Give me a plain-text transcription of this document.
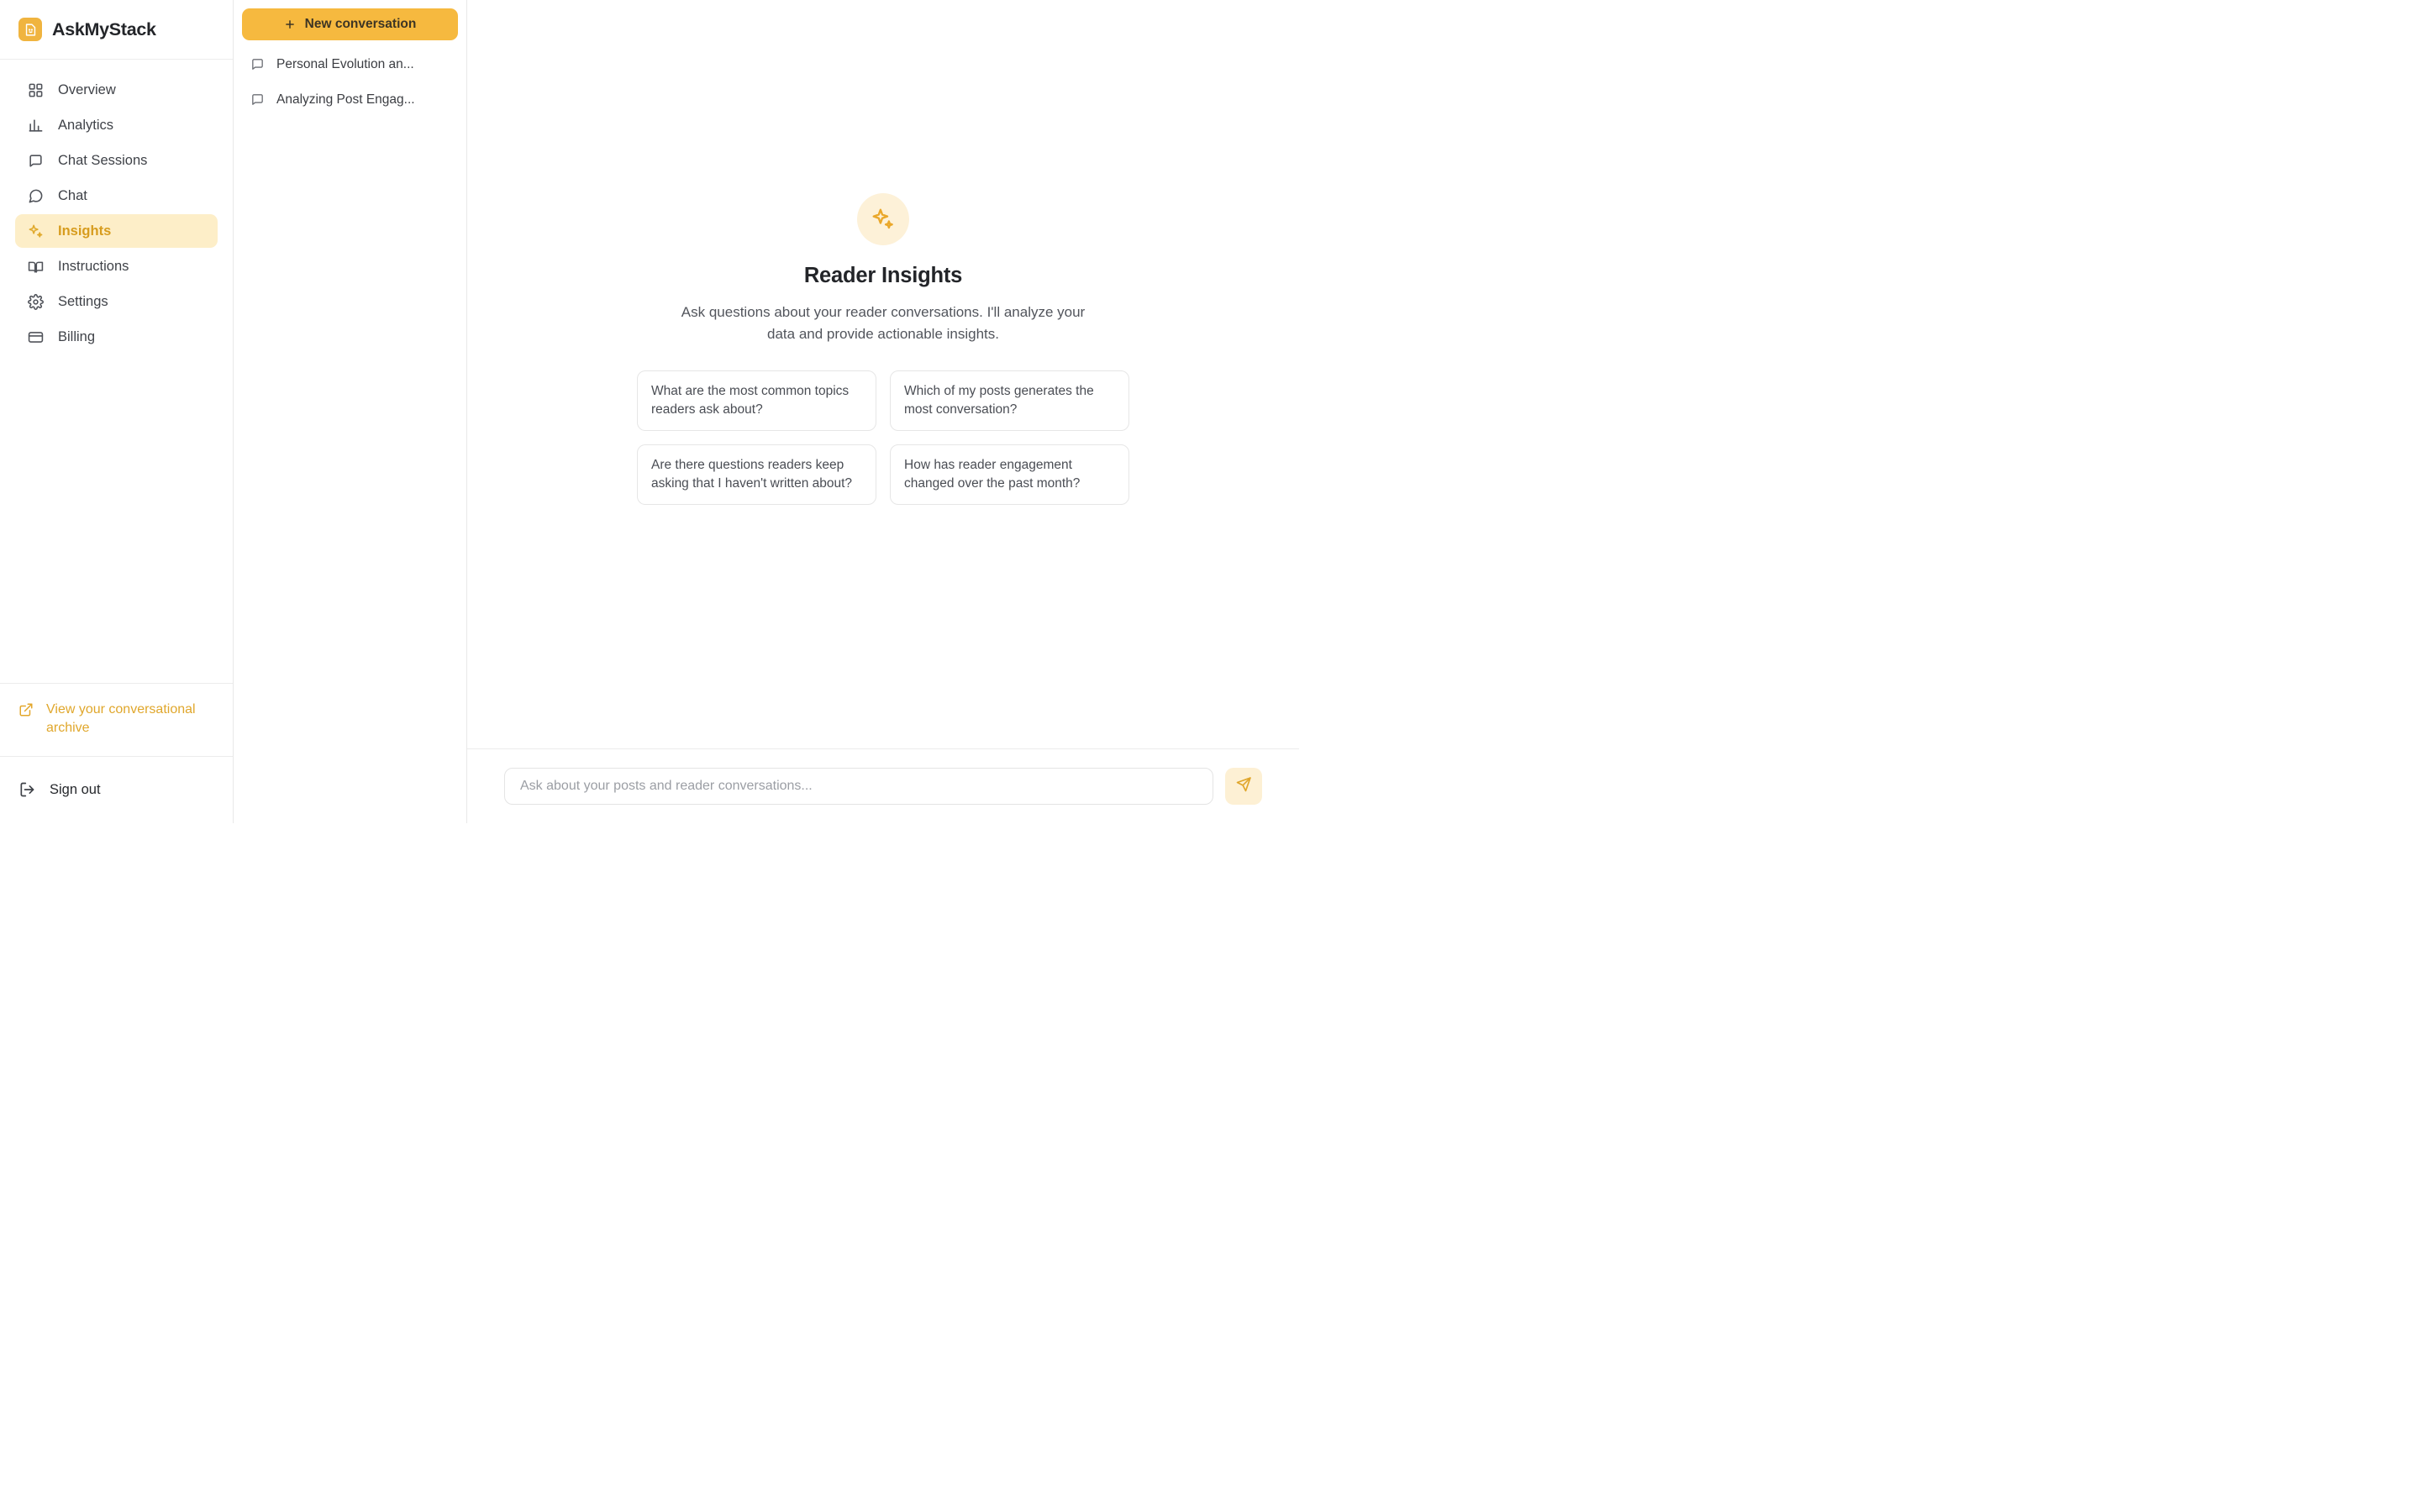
AskMyStack
Overview
Analytics
Chat Sessions
Chat
Insights
Instructions
Settings
Billing
View your conversational archive
Sign out
New conversation
Personal Evolution an...
Analyzing Post Engag...
Reader Insights
Ask questions about your reader conversations. I'll analyze your data and provide actionable insights.
What are the most common topics readers ask about?
Which of my posts generates the most conversation?
Are there questions readers keep asking that I haven't written about?
How has reader engagement changed over the past month?
Ask about your posts and reader conversations...
